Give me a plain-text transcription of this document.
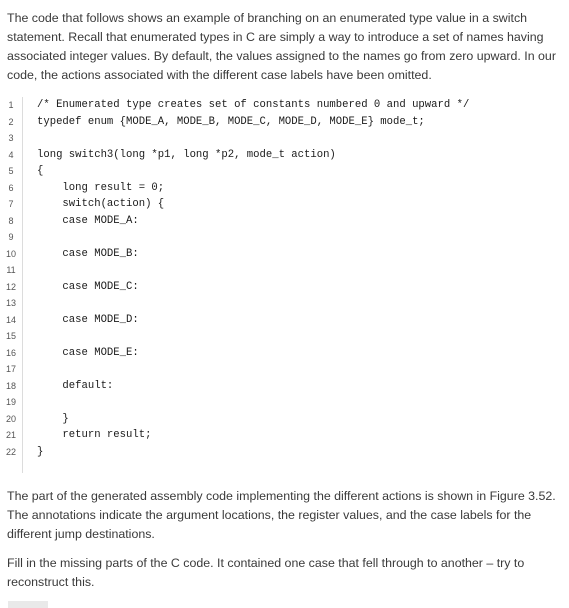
The code that follows shows an example of branching on an enumerated type value in a switch statement. Recall that enumerated types in C are simply a way to introduce a set of names having associated integer values. By default, the values assigned to the names go from zero upward. In our code, the actions associated with the different case labels have been omitted.

1	/* Enumerated type creates set of constants numbered 0 and upward */
2	typedef enum {MODE_A, MODE_B, MODE_C, MODE_D, MODE_E} mode_t;
3
4	long switch3(long *p1, long *p2, mode_t action)
5	{
6	long result = 0;
7	switch(action) {
8	case MODE_A:
9
10	case MODE_B:
11
12	case MODE_C:
13
14	case MODE_D:
15
16	case MODE_E:
17
18	default:
19
20	}
21	return result;
22	}

The part of the generated assembly code implementing the different actions is shown in Figure 3.52. The annotations indicate the argument locations, the register values, and the case labels for the different jump destinations.

Fill in the missing parts of the C code. It contained one case that fell through to another – try to reconstruct this.
